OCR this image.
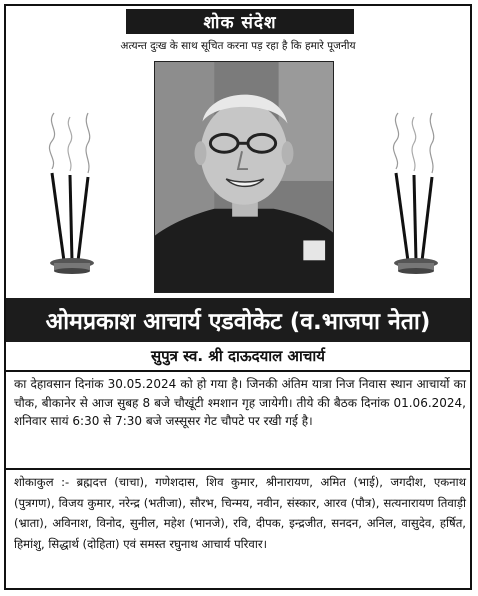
शोक संदेश
अत्यन्त दुःख के साथ सूचित करना पड़ रहा है कि हमारे पूजनीय
ओमप्रकाश आचार्य एडवोकेट (व.भाजपा नेता)
सुपुत्र स्व. श्री दाऊदयाल आचार्य
का देहावसान दिनांक 30.05.2024 को हो गया है। जिनकी अंतिम यात्रा निज निवास स्थान आचार्यो का चौक, बीकानेर से आज सुबह 8 बजे चौखूंटी श्मशान गृह जायेगी। तीये की बैठक दिनांक 01.06.2024, शनिवार सायं 6:30 से 7:30 बजे जस्सूसर गेट चौपटे पर रखी गई है।
शोकाकुल :- ब्रह्मदत्त (चाचा), गणेशदास, शिव कुमार, श्रीनारायण, अमित (भाई), जगदीश, एकनाथ (पुत्रगण), विजय कुमार, नरेन्द्र (भतीजा), सौरभ, चिन्मय, नवीन, संस्कार, आरव (पौत्र), सत्यनारायण तिवाड़ी (भ्राता), अविनाश, विनोद, सुनील, महेश (भानजे), रवि, दीपक, इन्द्रजीत, सनदन, अनिल, वासुदेव, हर्षित, हिमांशु, सिद्धार्थ (दोहिता) एवं समस्त रघुनाथ आचार्य परिवार।
